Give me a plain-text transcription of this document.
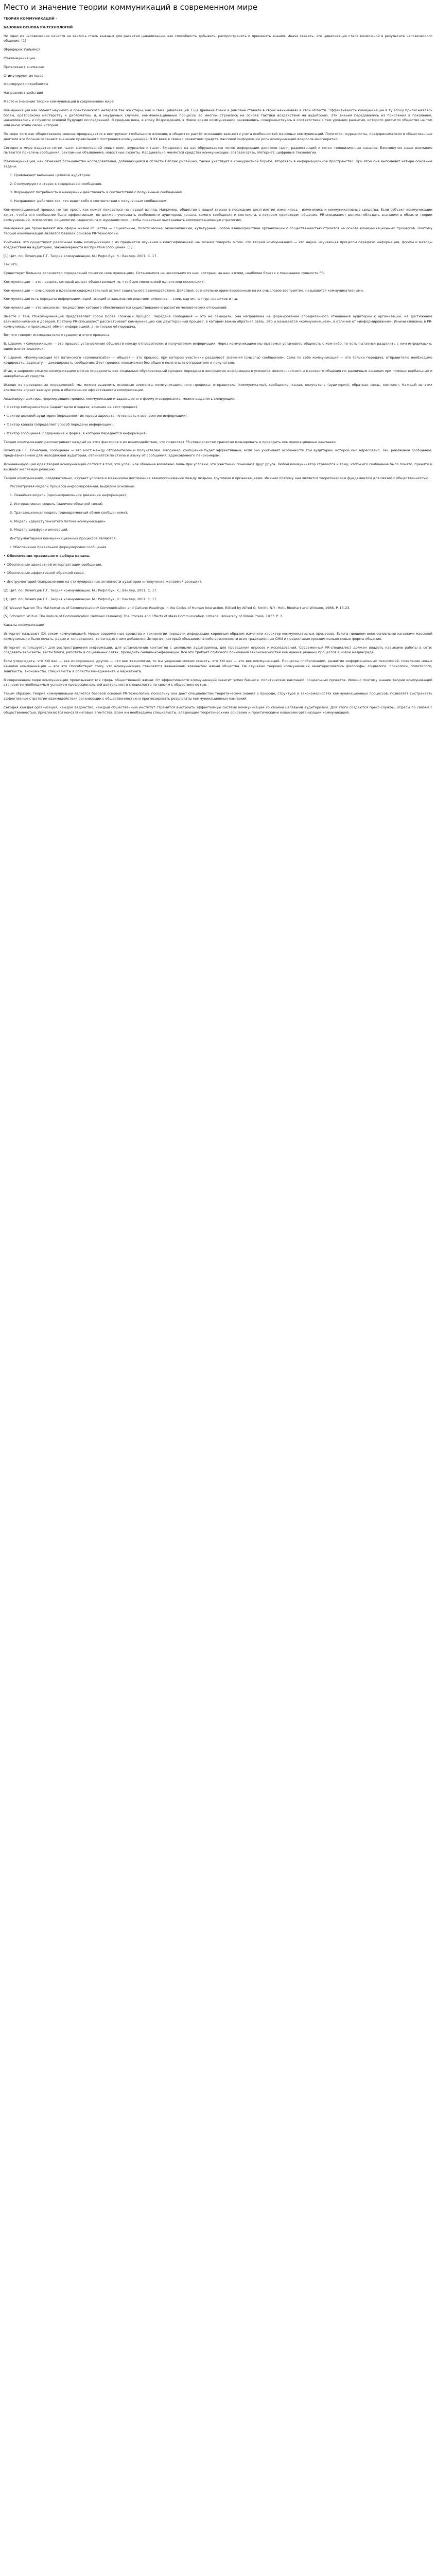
Место и значение теории коммуникаций в современном мире

ТЕОРИЯ КОММУНИКАЦИЙ -

БАЗОВАЯ ОСНОВА PR-ТЕХНОЛОГИЙ

Ни одно из человеческих качеств не явилось столь важным для развития цивилизации, как способность добывать, распространять и применять знания. Иначе сказать, что цивилизация стала возможной в результате человеческого общения. [1]

(Фредерик Уильямс)

PR-коммуникации

Привлекают внимание

Стимулируют интерес

Формируют потребности

Направляют действия

Место и значение теории коммуникаций в современном мире

Коммуникации как объект научного и практического интереса так же стары, как и сама цивилизация. Еще древние греки и римляне ставили в своих начинаниях в этой области. Эффективность коммуникаций в ту эпоху приписывалась богам, ораторскому мастерству и дипломатии, и, в неудачных случаях, коммуникационные процессы во многом строились на основе тактики воздействия на аудиторию. Эти знания передавались из поколения в поколение, накапливались и служили основой будущих исследований. В средние века, в эпоху Возрождения, в Новое время коммуникации развивались, совершенствуясь в соответствии с тем уровнем развития, которого достигло общество на том или ином этапе своей истории.

По мере того как общественное мнение превращается в инструмент глобального влияния, в общество растёт осознание важности учета особенностей массовых коммуникаций. Политики, журналисты, предприниматели и общественные деятели все больше осознают значение правильного построения коммуникаций. В XX веке в связи с развитием средств массовой информации роль коммуникаций возросла многократно.

Сегодня в мире издается сотни тысяч наименований новых книг, журналов и газет. Ежедневно на нас обрушивается поток информации десятков тысяч радиостанций и сотен телевизионных каналов. Ежеминутно наше внимание пытаются привлечь сообщения, рекламные объявления, новостные сюжеты. Кардинально меняются средства коммуникации: сотовая связь, Интернет, цифровые технологии.

PR-коммуникация, как отмечает большинство исследователей, добивающаяся в области Паблик рилейшнз, также участвует в конкурентной борьбе, вторгаясь в информационное пространство. При этом она выполняет четыре основные задачи:

1. Привлекают внимание целевой аудитории.

2. Стимулируют интерес к содержанию сообщения.

3. Формируют потребность в намерении действовать в соответствии с полученным сообщением.

4. Направляют действия тех, кто ведет себя в соответствии с полученным сообщением.

Коммуникационный процесс не так прост, как может показаться на первый взгляд. Например, общество в нашей стране в последние десятилетия изменилось - изменились и коммуникативные средства. Если субъект коммуникации хочет, чтобы его сообщение было эффективным, он должен учитывать особенности аудитории, канала, самого сообщения и контекста, в котором происходит общение. PR-специалист должен обладать знаниями в области теории коммуникаций, психологии, социологии, маркетинга и журналистики, чтобы правильно выстраивать коммуникационную стратегию.

Коммуникации пронизывают все сферы жизни общества — социальные, политические, экономические, культурные. Любое взаимодействие организации с общественностью строится на основе коммуникационных процессов. Поэтому теория коммуникаций является базовой основой PR-технологий.

Учитывая, что существуют различные виды коммуникации с их предметом изучения и классификацией, мы можем говорить о том, что теория коммуникаций — это наука, изучающая процессы передачи информации, формы и методы воздействия на аудиторию, закономерности восприятия сообщений. [1]

[1] Цит. по: Почепцов Г.Г. Теория коммуникации. М.: Рефл-бук; К.: Ваклер, 2001. С. 17.

Так что:

Существует большое количество определений понятия «коммуникация». Остановимся на нескольких из них, которые, на наш взгляд, наиболее близки к пониманию сущности PR.

Коммуникация — это процесс, который делает общественным то, что было монополией одного или нескольких.

Коммуникация — смысловой и идеально-содержательный аспект социального взаимодействия. Действия, сознательно ориентированные на их смысловое восприятие, называются коммуникативными.

Коммуникация есть передача информации, идей, эмоций и навыков посредством символов — слов, картин, фигур, графиков и т.д.

Коммуникация — это механизм, посредством которого обеспечивается существование и развитие человеческих отношений.

Вместе с тем, PR-коммуникация представляет собой более сложный процесс. Передача сообщения — это не самоцель; она направлена на формирование определенного отношения аудитории к организации, на достижение взаимопонимания и доверия. Поэтому PR-специалист рассматривает коммуникацию как двусторонний процесс, в котором важна обратная связь. Это и называется «коммуникацией», в отличие от «информирования». Иными словами, в PR-коммуникации происходит обмен информацией, а не только её передача.

Вот что говорят исследователи о сущности этого процесса.

В. Шрамм: «Коммуникация — это процесс установления общности между отправителем и получателем информации. Через коммуникацию мы пытаемся установить общность с кем-либо, то есть пытаемся разделить с ним информацию, идею или отношение».

У. Шрамм: «Коммуникация (от латинского «communicatio» — общее) — это процесс, при котором участники разделяют значения (смыслы) сообщения». Сама по себе коммуникация — это только передача, отправителю необходимо кодировать, адресату — декодировать сообщение. Этот процесс невозможен без общего поля опыта отправителя и получателя.

Итак, в широком смысле коммуникацию можно определить как социально обусловленный процесс передачи и восприятия информации в условиях межличностного и массового общения по различным каналам при помощи вербальных и невербальных средств.

Исходя из приведенных определений, мы можем выделить основные элементы коммуникационного процесса: отправитель (коммуникатор), сообщение, канал, получатель (аудитория), обратная связь, контекст. Каждый из этих элементов играет важную роль в обеспечении эффективности коммуникации.

Анализируя факторы, формирующие процесс коммуникации и задающие его форму и содержание, можно выделить следующие:

• Фактор коммуникатора (задает цели и задачи, влияние на этот процесс).

• Фактор целевой аудитории (определяет интересы адресата, готовность к восприятию информации).

• Фактор канала (определяет способ передачи информации).

• Фактор сообщения (содержание и форма, в которой передается информация).

Теория коммуникации рассматривает каждый из этих факторов и их взаимодействие, что позволяет PR-специалистам грамотно планировать и проводить коммуникационные кампании.

Почепцов Г.Г. Почепцов, сообщение — это мост между отправителем и получателем. Например, сообщение будет эффективным, если оно учитывает особенности той аудитории, которой оно адресовано. Так, рекламное сообщение, предназначенное для молодёжной аудитории, отличается по стилю и языку от сообщения, адресованного пенсионерам.

Домининирующая идея теории коммуникаций состоит в том, что успешное общение возможно лишь при условии, что участники понимают друг друга. Любой коммуникатор стремится к тому, чтобы его сообщение было понято, принято и вызвало желаемую реакцию.

Теория коммуникации, следовательно, изучает условия и механизмы достижения взаимопонимания между людьми, группами и организациями. Именно поэтому она является теоретическим фундаментом для связей с общественностью.

Рассматривая модели процесса информирования, выделим основные:

1. Линейная модель (однонаправленное движение информации).

2. Интерактивная модель (наличие обратной связи).

3. Транзакционная модель (одновременный обмен сообщениями).

4. Модель «двухступенчатого потока коммуникации».

5. Модель диффузии инноваций.

Инструментарием коммуникационных процессов являются:

• Обеспечение правильной формулировки сообщения.

• Обеспечение правильного выбора канала.

• Обеспечение адекватной интерпретации сообщения.

• Обеспечение эффективной обратной связи.

• Инструментарий (направленное на стимулирование активности аудитории и получение желаемой реакции).

[2] Цит. по: Почепцов Г.Г. Теория коммуникации. М.: Рефл-бук; К.: Ваклер, 2001. С. 17.

[3] Цит. по: Почепцов Г.Г. Теория коммуникации. М.: Рефл-бук; К.: Ваклер, 2001. С. 17.

[4] Weaver Warren The Mathematics of Communication// Communication and Culture: Readings in the Codes of Human Interaction. Edited by Alfred G. Smith. N.Y.: Holt, Rinehart and Winston, 1966, P. 15-23.

[5] Schramm Wilbur. The Nature of Communication Between Humans// The Process and Effects of Mass Communication. Urbana: University of Illinois Press, 1977. P. 3.

Каналы коммуникации

Интернет называют XXI веком коммуникаций. Новые современные средства и технологии передачи информации коренным образом изменили характер коммуникативных процессов. Если в прошлом веке основными каналами массовой коммуникации были печать, радио и телевидение, то сегодня к ним добавился Интернет, который объединил в себе возможности всех традиционных СМИ и предоставил принципиально новые формы общения.

Интернет используется для распространения информации, для установления контактов с целевыми аудиториями, для проведения опросов и исследований. Современный PR-специалист должен владеть навыками работы в сети: создавать веб-сайты, вести блоги, работать в социальных сетях, проводить онлайн-конференции. Все это требует глубокого понимания закономерностей коммуникационных процессов в новой медиасреде.

Если утверждать, что XXI век — век информации, другие — что век технологии, то мы уверенно можем сказать, что XXI век — это век коммуникаций. Процессы глобализации, развитие информационных технологий, появление новых каналов коммуникации — все это способствует тому, что коммуникации становятся важнейшим элементом жизни общества. Не случайно теорией коммуникаций заинтересовались философы, социологи, психологи, политологи, лингвисты, экономисты, специалисты в области менеджмента и маркетинга.

В современном мире коммуникации пронизывают все сферы общественной жизни. От эффективности коммуникаций зависит успех бизнеса, политических кампаний, социальных проектов. Именно поэтому знание теории коммуникаций становится необходимым условием профессиональной деятельности специалиста по связям с общественностью.

Таким образом, теория коммуникации является базовой основой PR-технологий, поскольку она дает специалистам теоретические знания о природе, структуре и закономерностях коммуникационных процессов, позволяет выстраивать эффективные стратегии взаимодействия организации с общественностью и прогнозировать результаты коммуникационных кампаний.

Сегодня каждая организация, каждое ведомство, каждый общественный институт стремится выстроить эффективную систему коммуникаций со своими целевыми аудиториями. Для этого создаются пресс-службы, отделы по связям с общественностью, привлекаются консалтинговые агентства. Всем им необходимы специалисты, владеющие теоретическими основами и практическими навыками организации коммуникаций.
